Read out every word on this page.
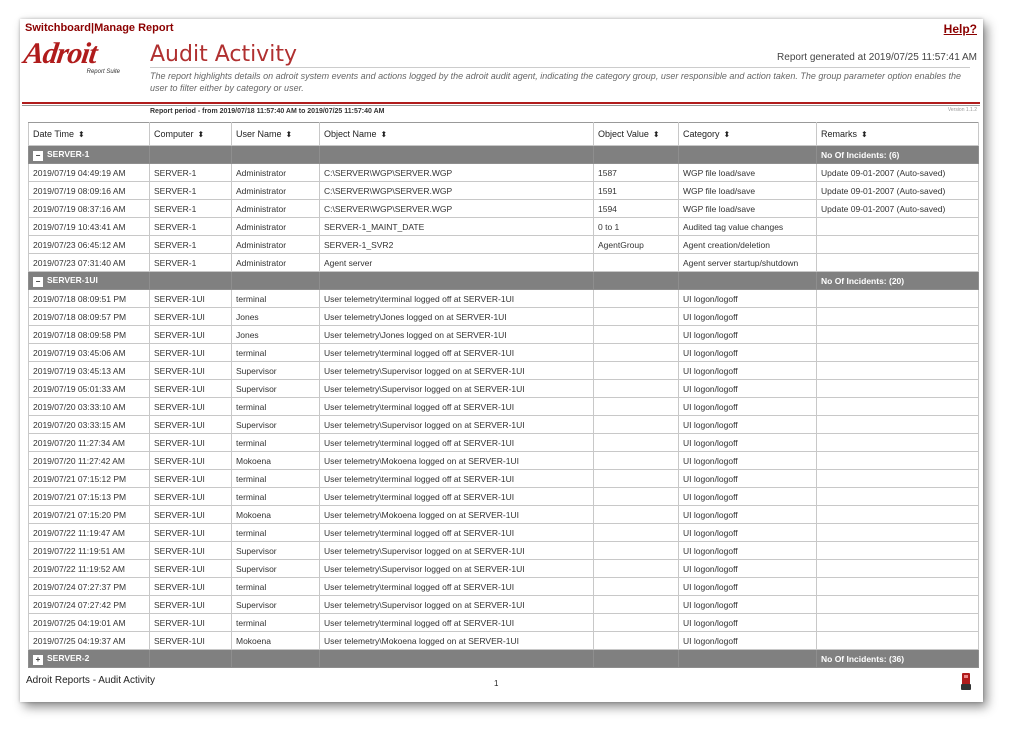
Switchboard|Manage Report	Help?
Adroit
Report Suite
Audit Activity	Report generated at 2019/07/25 11:57:41 AM
The report highlights details on adroit system events and actions logged by the adroit audit agent, indicating the category group, user responsible and action taken. The group parameter option enables the user to filter either by category or user.
Report period - from 2019/07/18 11:57:40 AM to 2019/07/25 11:57:40 AM	Version 1.1.2
Date Time ⬍	Computer ⬍	User Name ⬍	Object Name ⬍	Object Value ⬍	Category ⬍	Remarks ⬍
− SERVER-1						No Of Incidents: (6)
2019/07/19 04:49:19 AM	SERVER-1	Administrator	C:\SERVER\WGP\SERVER.WGP	1587	WGP file load/save	Update 09-01-2007 (Auto-saved)
2019/07/19 08:09:16 AM	SERVER-1	Administrator	C:\SERVER\WGP\SERVER.WGP	1591	WGP file load/save	Update 09-01-2007 (Auto-saved)
2019/07/19 08:37:16 AM	SERVER-1	Administrator	C:\SERVER\WGP\SERVER.WGP	1594	WGP file load/save	Update 09-01-2007 (Auto-saved)
2019/07/19 10:43:41 AM	SERVER-1	Administrator	SERVER-1_MAINT_DATE	0 to 1	Audited tag value changes	
2019/07/23 06:45:12 AM	SERVER-1	Administrator	SERVER-1_SVR2	AgentGroup	Agent creation/deletion	
2019/07/23 07:31:40 AM	SERVER-1	Administrator	Agent server		Agent server startup/shutdown	
− SERVER-1UI						No Of Incidents: (20)
2019/07/18 08:09:51 PM	SERVER-1UI	terminal	User telemetry\terminal logged off at SERVER-1UI		UI logon/logoff	
2019/07/18 08:09:57 PM	SERVER-1UI	Jones	User telemetry\Jones logged on at SERVER-1UI		UI logon/logoff	
2019/07/18 08:09:58 PM	SERVER-1UI	Jones	User telemetry\Jones logged on at SERVER-1UI		UI logon/logoff	
2019/07/19 03:45:06 AM	SERVER-1UI	terminal	User telemetry\terminal logged off at SERVER-1UI		UI logon/logoff	
2019/07/19 03:45:13 AM	SERVER-1UI	Supervisor	User telemetry\Supervisor logged on at SERVER-1UI		UI logon/logoff	
2019/07/19 05:01:33 AM	SERVER-1UI	Supervisor	User telemetry\Supervisor logged on at SERVER-1UI		UI logon/logoff	
2019/07/20 03:33:10 AM	SERVER-1UI	terminal	User telemetry\terminal logged off at SERVER-1UI		UI logon/logoff	
2019/07/20 03:33:15 AM	SERVER-1UI	Supervisor	User telemetry\Supervisor logged on at SERVER-1UI		UI logon/logoff	
2019/07/20 11:27:34 AM	SERVER-1UI	terminal	User telemetry\terminal logged off at SERVER-1UI		UI logon/logoff	
2019/07/20 11:27:42 AM	SERVER-1UI	Mokoena	User telemetry\Mokoena logged on at SERVER-1UI		UI logon/logoff	
2019/07/21 07:15:12 PM	SERVER-1UI	terminal	User telemetry\terminal logged off at SERVER-1UI		UI logon/logoff	
2019/07/21 07:15:13 PM	SERVER-1UI	terminal	User telemetry\terminal logged off at SERVER-1UI		UI logon/logoff	
2019/07/21 07:15:20 PM	SERVER-1UI	Mokoena	User telemetry\Mokoena logged on at SERVER-1UI		UI logon/logoff	
2019/07/22 11:19:47 AM	SERVER-1UI	terminal	User telemetry\terminal logged off at SERVER-1UI		UI logon/logoff	
2019/07/22 11:19:51 AM	SERVER-1UI	Supervisor	User telemetry\Supervisor logged on at SERVER-1UI		UI logon/logoff	
2019/07/22 11:19:52 AM	SERVER-1UI	Supervisor	User telemetry\Supervisor logged on at SERVER-1UI		UI logon/logoff	
2019/07/24 07:27:37 PM	SERVER-1UI	terminal	User telemetry\terminal logged off at SERVER-1UI		UI logon/logoff	
2019/07/24 07:27:42 PM	SERVER-1UI	Supervisor	User telemetry\Supervisor logged on at SERVER-1UI		UI logon/logoff	
2019/07/25 04:19:01 AM	SERVER-1UI	terminal	User telemetry\terminal logged off at SERVER-1UI		UI logon/logoff	
2019/07/25 04:19:37 AM	SERVER-1UI	Mokoena	User telemetry\Mokoena logged on at SERVER-1UI		UI logon/logoff	
+ SERVER-2						No Of Incidents: (36)
Adroit Reports - Audit Activity	1
